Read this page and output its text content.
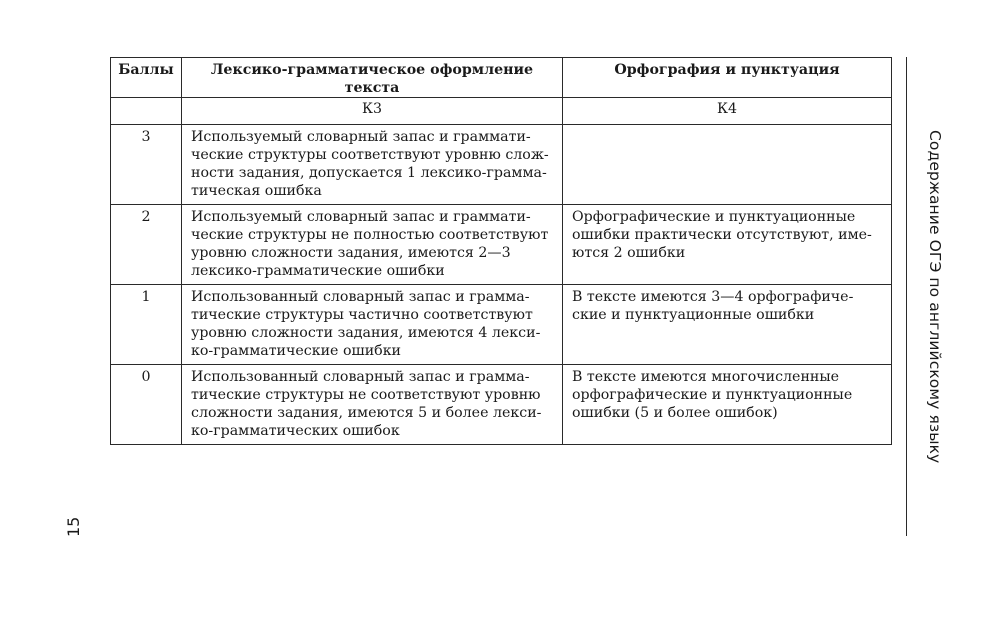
Баллы	Лексико-грамматическое оформление текста	Орфография и пунктуация
	К3	К4
3	Используемый словарный запас и граммати-
ческие структуры соответствуют уровню слож-
ности задания, допускается 1 лексико-грамма-
тическая ошибка	

2	Используемый словарный запас и граммати-
ческие структуры не полностью соответствуют
уровню сложности задания, имеются 2—3
лексико-грамматические ошибки	Орфографические и пунктуационные
ошибки практически отсутствуют, име-
ются 2 ошибки

1	Использованный словарный запас и грамма-
тические структуры частично соответствуют
уровню сложности задания, имеются 4 лекси-
ко-грамматические ошибки	В тексте имеются 3—4 орфографиче-
ские и пунктуационные ошибки

0	Использованный словарный запас и грамма-
тические структуры не соответствуют уровню
сложности задания, имеются 5 и более лекси-
ко-грамматических ошибок	В тексте имеются многочисленные
орфографические и пунктуационные
ошибки (5 и более ошибок)	Содержание ОГЭ по английскому языку
15
